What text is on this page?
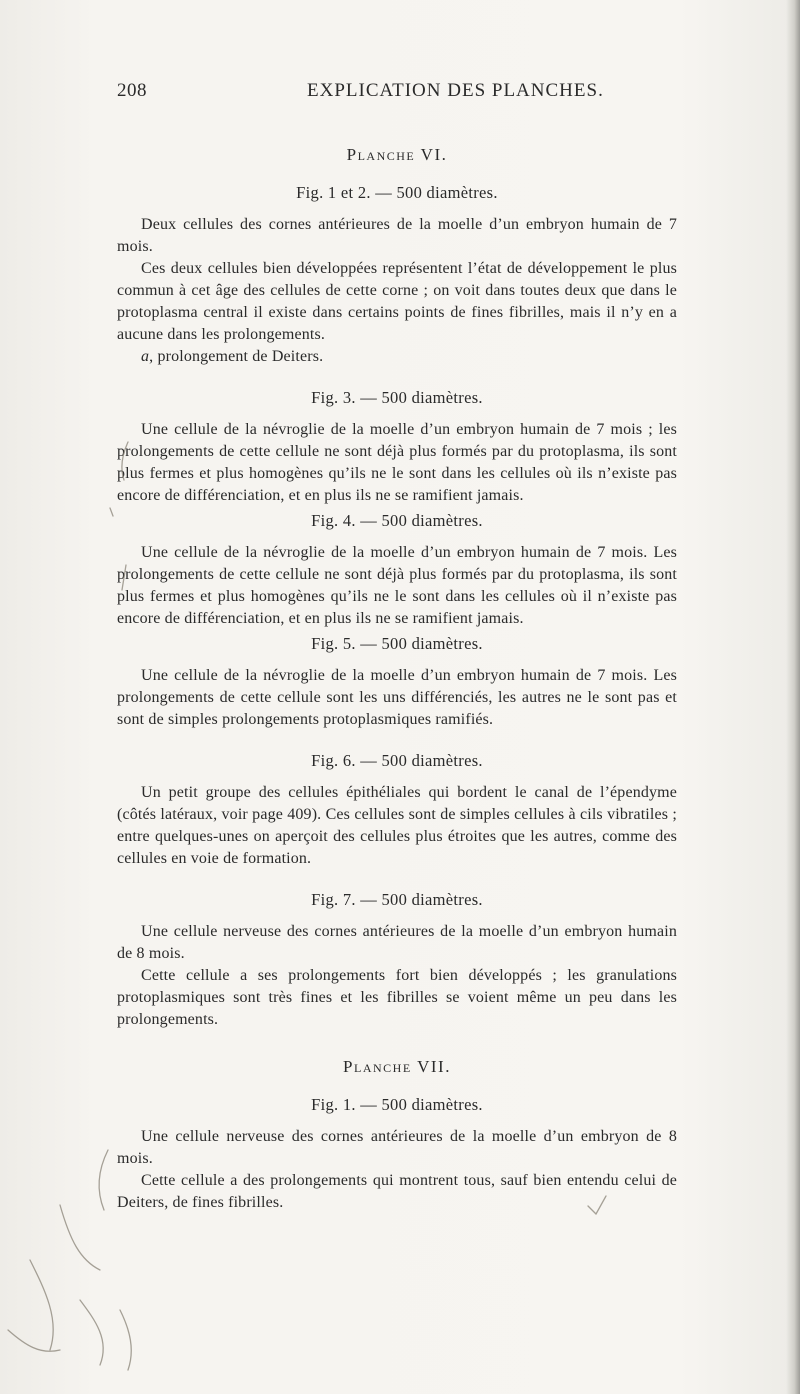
208	EXPLICATION DES PLANCHES.
Planche VI.
Fig. 1 et 2. — 500 diamètres.

Deux cellules des cornes antérieures de la moelle d’un embryon humain de 7 mois.

Ces deux cellules bien développées représentent l’état de développement le plus commun à cet âge des cellules de cette corne ; on voit dans toutes deux que dans le protoplasma central il existe dans certains points de fines fibrilles, mais il n’y en a aucune dans les prolongements.

a, prolongement de Deiters.

Fig. 3. — 500 diamètres.

Une cellule de la névroglie de la moelle d’un embryon humain de 7 mois ; les prolongements de cette cellule ne sont déjà plus formés par du protoplasma, ils sont plus fermes et plus homogènes qu’ils ne le sont dans les cellules où ils n’existe pas encore de différenciation, et en plus ils ne se ramifient jamais.

Fig. 4. — 500 diamètres.

Une cellule de la névroglie de la moelle d’un embryon humain de 7 mois. Les prolongements de cette cellule ne sont déjà plus formés par du protoplasma, ils sont plus fermes et plus homogènes qu’ils ne le sont dans les cellules où il n’existe pas encore de différenciation, et en plus ils ne se ramifient jamais.

Fig. 5. — 500 diamètres.

Une cellule de la névroglie de la moelle d’un embryon humain de 7 mois. Les prolongements de cette cellule sont les uns différenciés, les autres ne le sont pas et sont de simples prolongements protoplasmiques ramifiés.

Fig. 6. — 500 diamètres.

Un petit groupe des cellules épithéliales qui bordent le canal de l’épendyme (côtés latéraux, voir page 409). Ces cellules sont de simples cellules à cils vibratiles ; entre quelques-unes on aperçoit des cellules plus étroites que les autres, comme des cellules en voie de formation.

Fig. 7. — 500 diamètres.

Une cellule nerveuse des cornes antérieures de la moelle d’un embryon humain de 8 mois.

Cette cellule a ses prolongements fort bien développés ; les granulations protoplasmiques sont très fines et les fibrilles se voient même un peu dans les prolongements.

Planche VII.
Fig. 1. — 500 diamètres.

Une cellule nerveuse des cornes antérieures de la moelle d’un embryon de 8 mois.

Cette cellule a des prolongements qui montrent tous, sauf bien entendu celui de Deiters, de fines fibrilles.
